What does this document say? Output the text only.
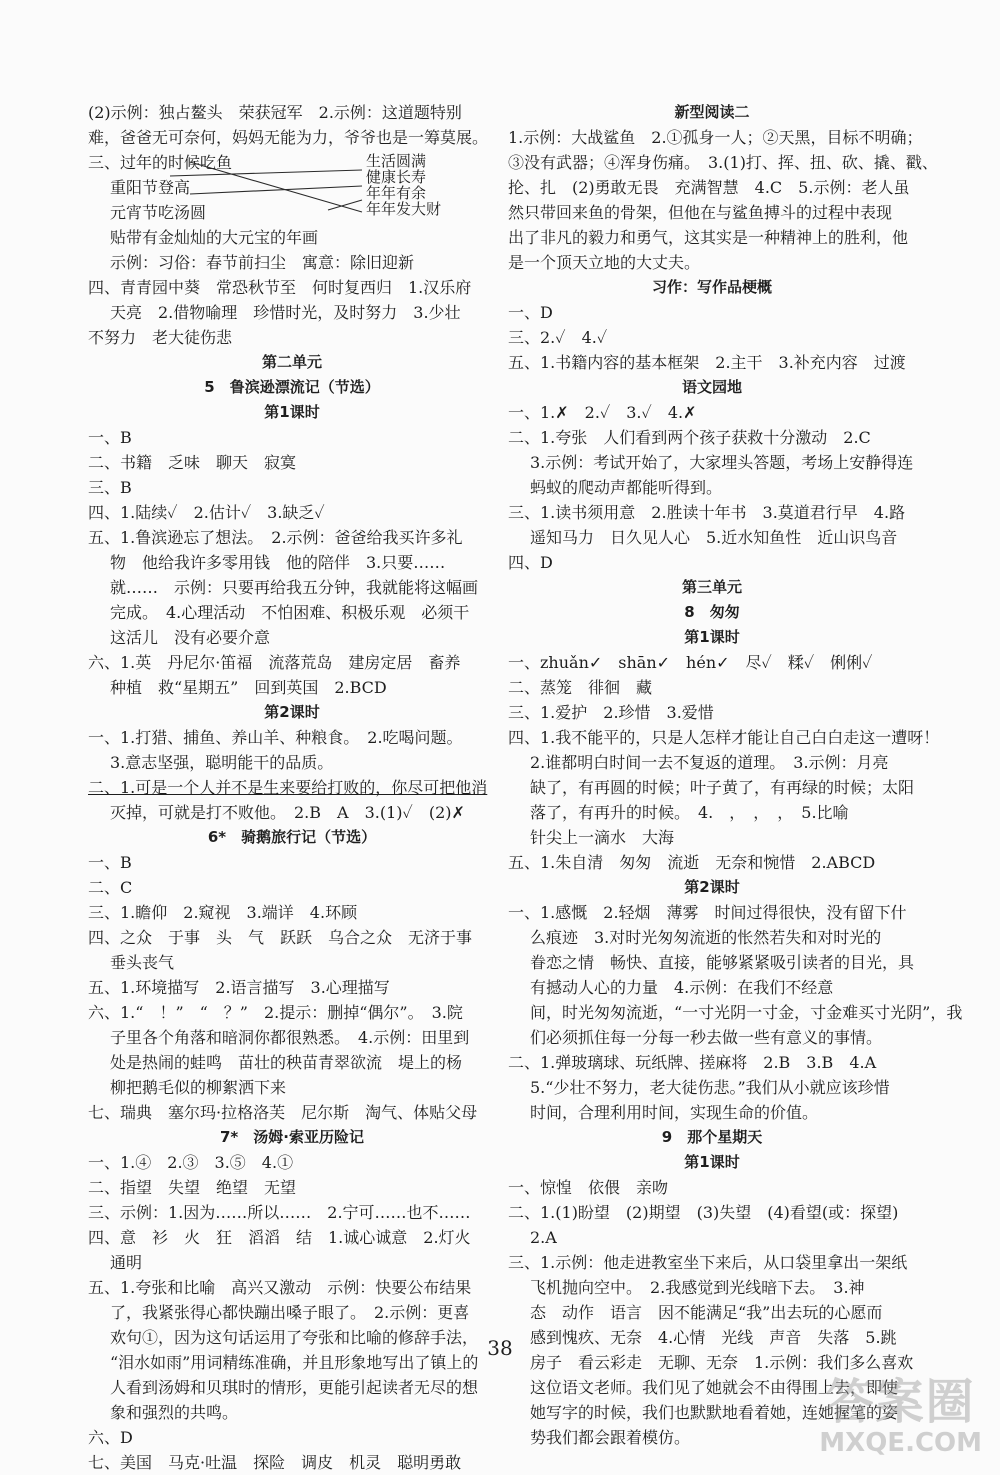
(2)示例：独占鳌头　荣获冠军　2.示例：这道题特别
难，爸爸无可奈何，妈妈无能为力，爷爷也是一筹莫展。
三、过年的时候吃鱼
重阳节登高
元宵节吃汤圆
贴带有金灿灿的大元宝的年画
示例：习俗：春节前扫尘　寓意：除旧迎新
四、青青园中葵　常恐秋节至　何时复西归　1.汉乐府
天亮　2.借物喻理　珍惜时光，及时努力　3.少壮
不努力　老大徒伤悲
第二单元
5　鲁滨逊漂流记（节选）
第1课时
一、B
二、书籍　乏味　聊天　寂寞
三、B
四、1.陆续✓　2.估计✓　3.缺乏✓
五、1.鲁滨逊忘了想法。　2.示例：爸爸给我买许多礼
物　他给我许多零用钱　他的陪伴　3.只要……
就……　示例：只要再给我五分钟，我就能将这幅画
完成。　4.心理活动　不怕困难、积极乐观　必须干
这活儿　没有必要介意
六、1.英　丹尼尔·笛福　流落荒岛　建房定居　畜养
种植　救“星期五”　回到英国　2.BCD
第2课时
一、1.打猎、捕鱼、养山羊、种粮食。　2.吃喝问题。
3.意志坚强，聪明能干的品质。
二、1.可是一个人并不是生来要给打败的，你尽可把他消
灭掉，可就是打不败他。　2.B　A　3.(1)✓　(2)✗
6*　骑鹅旅行记（节选）
一、B
二、C
三、1.瞻仰　2.窥视　3.端详　4.环顾
四、之众　于事　头　气　跃跃　乌合之众　无济于事
垂头丧气
五、1.环境描写　2.语言描写　3.心理描写
六、1.“　！”　“　？”　2.提示：删掉“偶尔”。　3.院
子里各个角落和暗洞你都很熟悉。　4.示例：田里到
处是热闹的蛙鸣　苗壮的秧苗青翠欲流　堤上的杨
柳把鹅毛似的柳絮洒下来
七、瑞典　塞尔玛·拉格洛芙　尼尔斯　淘气、体贴父母
7*　汤姆·索亚历险记
一、1.④　2.③　3.⑤　4.①
二、指望　失望　绝望　无望
三、示例：1.因为……所以……　2.宁可……也不……
四、意　衫　火　狂　滔滔　结　1.诚心诚意　2.灯火
通明
五、1.夸张和比喻　高兴又激动　示例：快要公布结果
了，我紧张得心都快蹦出嗓子眼了。　2.示例：更喜
欢句①，因为这句话运用了夸张和比喻的修辞手法，
“泪水如雨”用词精练准确，并且形象地写出了镇上的
人看到汤姆和贝琪时的情形，更能引起读者无尽的想
象和强烈的共鸣。
六、D
七、美国　马克·吐温　探险　调皮　机灵　聪明勇敢
新型阅读二
1.示例：大战鲨鱼　2.①孤身一人；②天黑，目标不明确；
③没有武器；④浑身伤痛。　3.(1)打、挥、扭、砍、撬、戳、
抡、扎　(2)勇敢无畏　充满智慧　4.C　5.示例：老人虽
然只带回来鱼的骨架，但他在与鲨鱼搏斗的过程中表现
出了非凡的毅力和勇气，这其实是一种精神上的胜利，他
是一个顶天立地的大丈夫。
习作：写作品梗概
一、D
三、2.✓　4.✓
五、1.书籍内容的基本框架　2.主干　3.补充内容　过渡
语文园地
一、1.✗　2.✓　3.✓　4.✗
二、1.夸张　人们看到两个孩子获救十分激动　2.C
3.示例：考试开始了，大家埋头答题，考场上安静得连
蚂蚁的爬动声都能听得到。
三、1.读书须用意　2.胜读十年书　3.莫道君行早　4.路
遥知马力　日久见人心　5.近水知鱼性　近山识鸟音
四、D
第三单元
8　匆匆
第1课时
一、zhuǎn✓　shān✓　hén✓　尽✓　糅✓　俐俐✓
二、蒸笼　徘徊　藏
三、1.爱护　2.珍惜　3.爱惜
四、1.我不能平的，只是人怎样才能让自己白白走这一遭呀！
2.谁都明白时间一去不复返的道理。　3.示例：月亮
缺了，有再圆的时候；叶子黄了，有再绿的时候；太阳
落了，有再升的时候。　4.　，　，　，　5.比喻
针尖上一滴水　大海
五、1.朱自清　匆匆　流逝　无奈和惋惜　2.ABCD
第2课时
一、1.感慨　2.轻烟　薄雾　时间过得很快，没有留下什
么痕迹　3.对时光匆匆流逝的怅然若失和对时光的
眷恋之情　畅快、直接，能够紧紧吸引读者的目光，具
有撼动人心的力量　4.示例：在我们不经意
间，时光匆匆流逝，“一寸光阴一寸金，寸金难买寸光阴”，我
们必须抓住每一分每一秒去做一些有意义的事情。
二、1.弹玻璃球、玩纸牌、搓麻将　2.B　3.B　4.A
5.“少壮不努力，老大徒伤悲。”我们从小就应该珍惜
时间，合理利用时间，实现生命的价值。
9　那个星期天
第1课时
一、惊惶　依偎　亲吻
二、1.(1)盼望　(2)期望　(3)失望　(4)看望(或：探望)
2.A
三、1.示例：他走进教室坐下来后，从口袋里拿出一架纸
飞机抛向空中。　2.我感觉到光线暗下去。　3.神
态　动作　语言　因不能满足“我”出去玩的心愿而
感到愧疚、无奈　4.心情　光线　声音　失落　5.跳
房子　看云彩走　无聊、无奈　1.示例：我们多么喜欢
这位语文老师。我们见了她就会不由得围上去，即使
她写字的时候，我们也默默地看着她，连她握笔的姿
势我们都会跟着模仿。
生活圆满
健康长寿
年年有余
年年发大财
38
答案圈
MXQE.COM
